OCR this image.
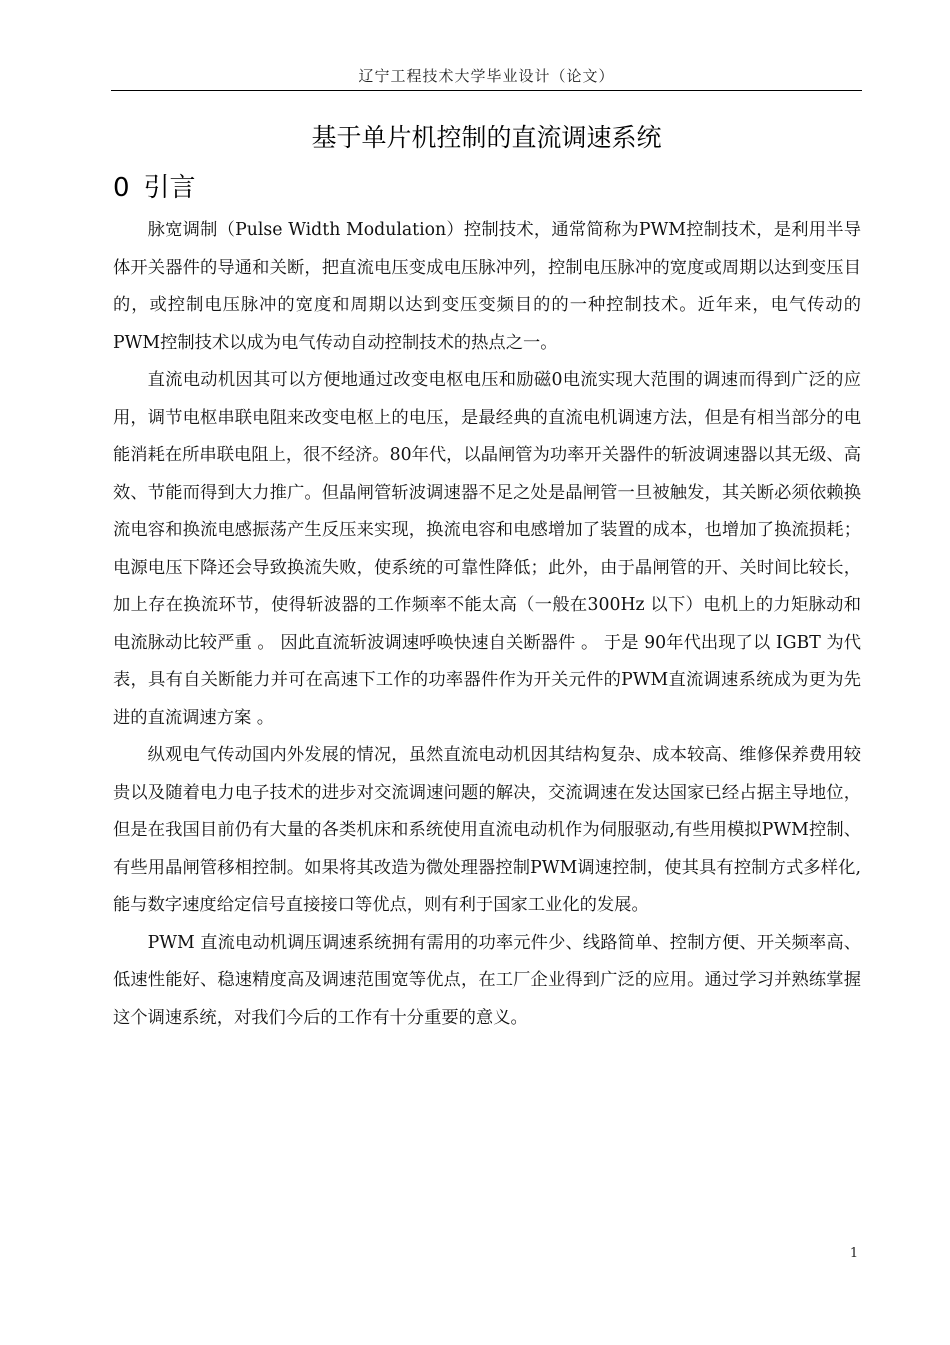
辽宁工程技术大学毕业设计（论文）
基于单片机控制的直流调速系统
0 引言

脉宽调制（Pulse Width Modulation）控制技术，通常简称为PWM控制技术，是利用半导体开关器件的导通和关断，把直流电压变成电压脉冲列，控制电压脉冲的宽度或周期以达到变压目的，或控制电压脉冲的宽度和周期以达到变压变频目的的一种控制技术。近年来，电气传动的PWM控制技术以成为电气传动自动控制技术的热点之一。

直流电动机因其可以方便地通过改变电枢电压和励磁0电流实现大范围的调速而得到广泛的应用，调节电枢串联电阻来改变电枢上的电压，是最经典的直流电机调速方法，但是有相当部分的电能消耗在所串联电阻上，很不经济。80年代，以晶闸管为功率开关器件的斩波调速器以其无级、高效、节能而得到大力推广。但晶闸管斩波调速器不足之处是晶闸管一旦被触发，其关断必须依赖换流电容和换流电感振荡产生反压来实现，换流电容和电感增加了装置的成本，也增加了换流损耗；电源电压下降还会导致换流失败，使系统的可靠性降低；此外，由于晶闸管的开、关时间比较长，加上存在换流环节，使得斩波器的工作频率不能太高（一般在300Hz 以下）电机上的力矩脉动和电流脉动比较严重 。 因此直流斩波调速呼唤快速自关断器件 。 于是 90年代出现了以 IGBT 为代表，具有自关断能力并可在高速下工作的功率器件作为开关元件的PWM直流调速系统成为更为先进的直流调速方案 。

纵观电气传动国内外发展的情况，虽然直流电动机因其结构复杂、成本较高、维修保养费用较贵以及随着电力电子技术的进步对交流调速问题的解决，交流调速在发达国家已经占据主导地位，但是在我国目前仍有大量的各类机床和系统使用直流电动机作为伺服驱动,有些用模拟PWM控制、有些用晶闸管移相控制。如果将其改造为微处理器控制PWM调速控制，使其具有控制方式多样化,能与数字速度给定信号直接接口等优点，则有利于国家工业化的发展。

PWM 直流电动机调压调速系统拥有需用的功率元件少、线路简单、控制方便、开关频率高、低速性能好、稳速精度高及调速范围宽等优点，在工厂企业得到广泛的应用。通过学习并熟练掌握这个调速系统，对我们今后的工作有十分重要的意义。

1
